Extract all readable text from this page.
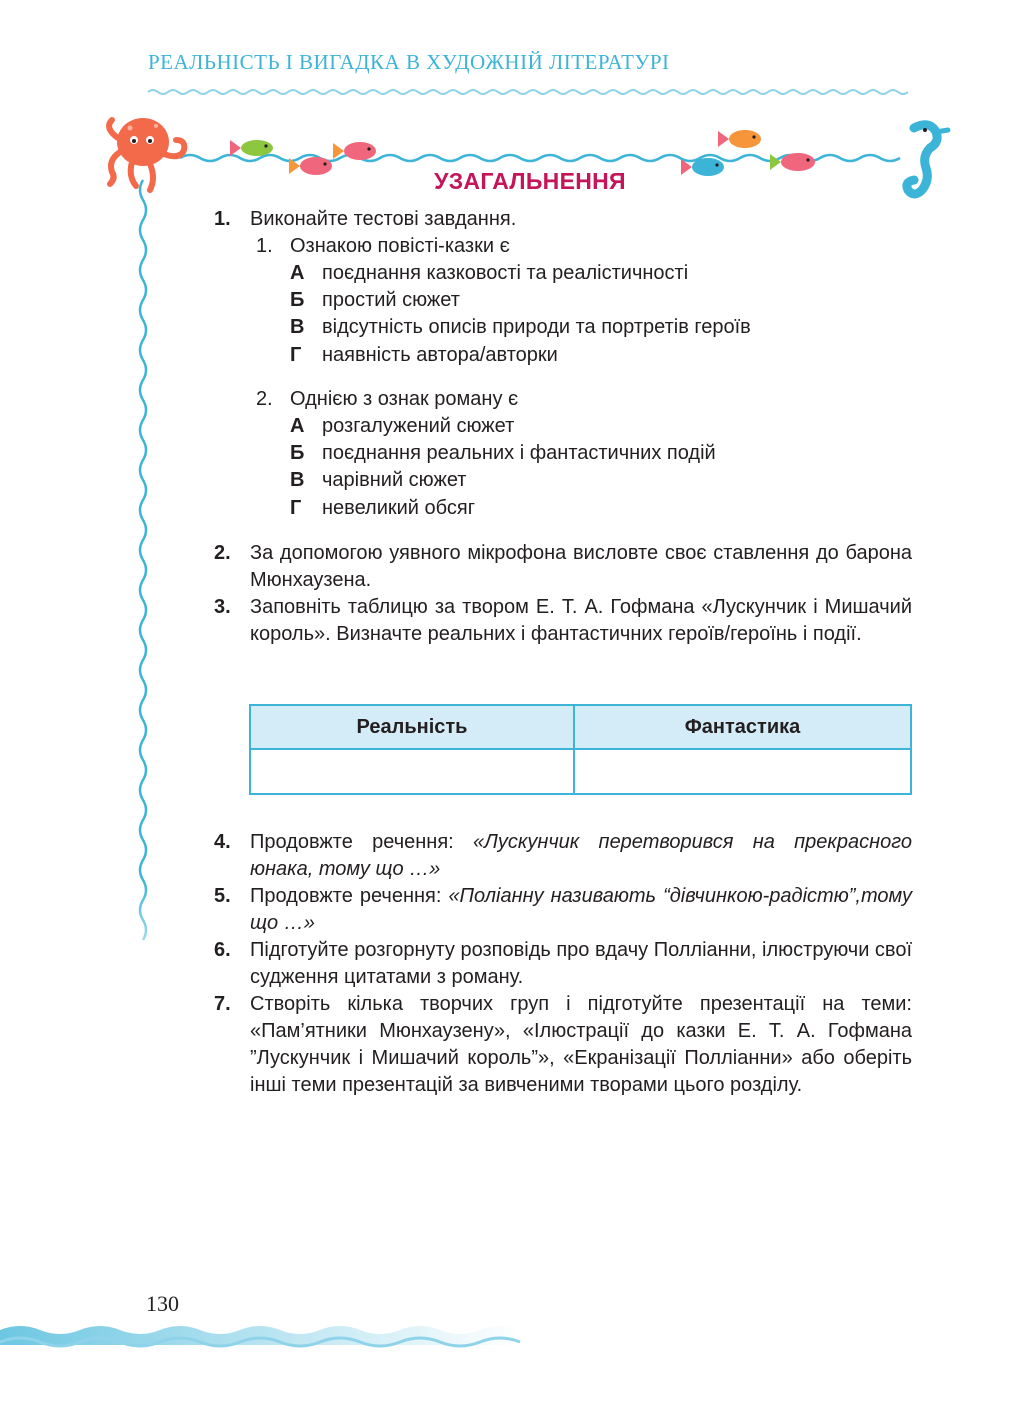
РЕАЛЬНІСТЬ І ВИГАДКА В ХУДОЖНІЙ ЛІТЕРАТУРІ
УЗАГАЛЬНЕННЯ
1. Виконайте тестові завдання.
1. Ознакою повісті-казки є
А поєднання казковості та реалістичності
Б простий сюжет
В відсутність описів природи та портретів героїв
Г наявність автора/авторки
2. Однією з ознак роману є
А розгалужений сюжет
Б поєднання реальних і фантастичних подій
В чарівний сюжет
Г невеликий обсяг
2. За допомогою уявного мікрофона висловте своє ставлення до барона Мюнхаузена.
3. Заповніть таблицю за твором Е. Т. А. Гофмана «Лускунчик і Мишачий король». Визначте реальних і фантастичних героїв/героїнь і події.
4. Продовжте речення: «Лускунчик перетворився на прекрасного юнака, тому що …»
5. Продовжте речення: «Поліанну називають “дівчинкою-радістю”,тому що …»
6. Підготуйте розгорнуту розповідь про вдачу Полліанни, ілюструючи свої судження цитатами з роману.
7. Створіть кілька творчих груп і підготуйте презентації на теми: «Пам’ятники Мюнхаузену», «Ілюстрації до казки Е. Т. А. Гофмана ”Лускунчик і Мишачий король”», «Екранізації Полліанни» або оберіть інші теми презентацій за вивченими творами цього розділу.
Реальність	Фантастика

130
